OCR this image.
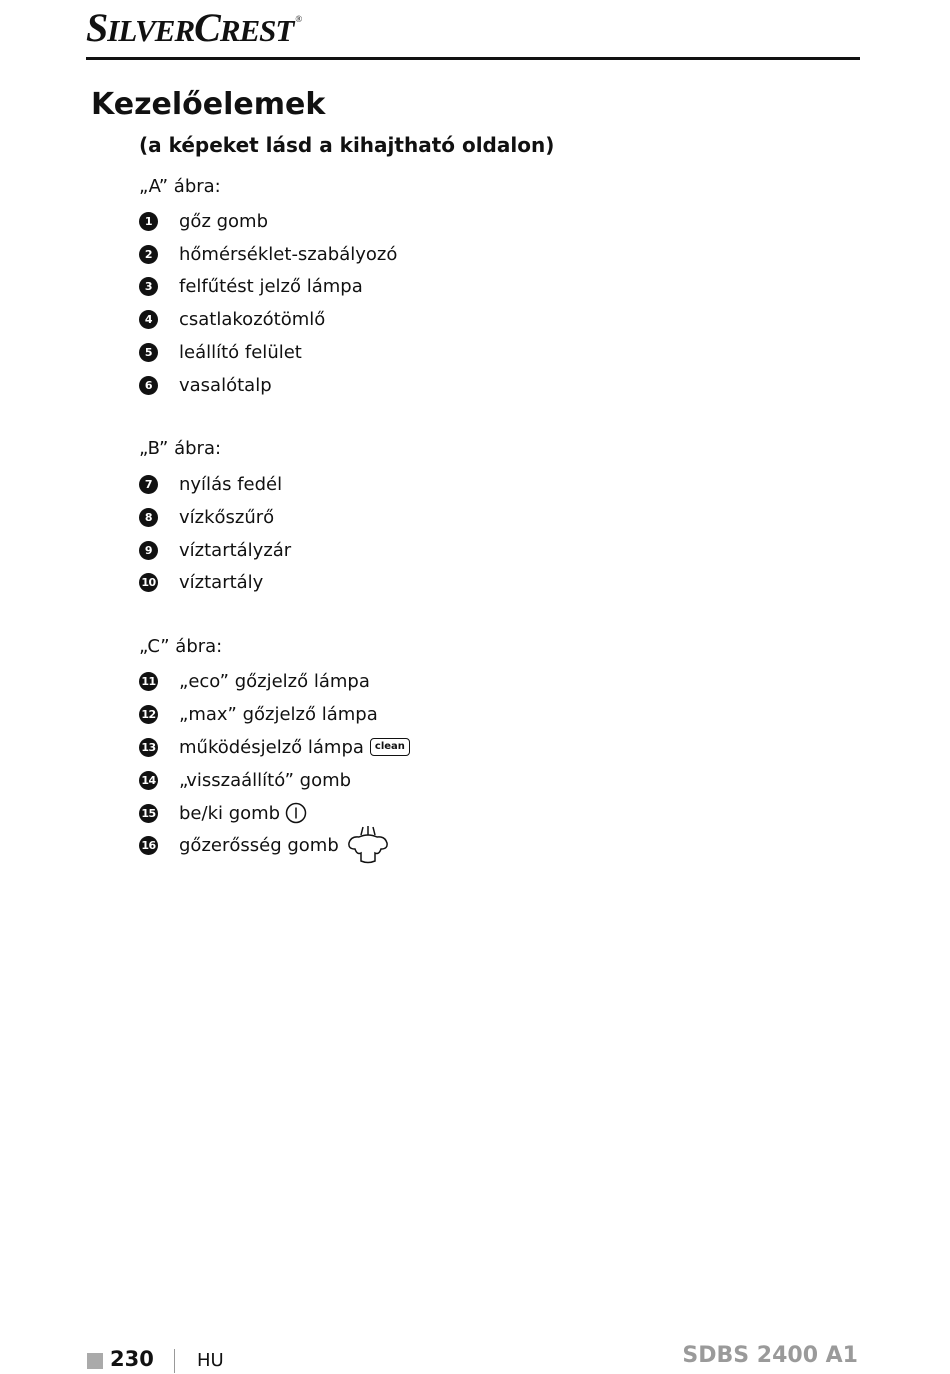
SILVERCREST ®
Kezelőelemek
(a képeket lásd a kihajtható oldalon)
„A” ábra:
1	gőz gomb
2	hőmérséklet-szabályozó
3	felfűtést jelző lámpa
4	csatlakozótömlő
5	leállító felület
6	vasalótalp
„B” ábra:
7	nyílás fedél
8	vízkőszűrő
9	víztartályzár
10 víztartály
„C” ábra:
11 „eco” gőzjelző lámpa
12 „max” gőzjelző lámpa
13 működésjelző lámpa	clean
14 „visszaállító” gomb
15 be/ki gomb
16 gőzerősség gomb
230 HU	SDBS 2400 A1
